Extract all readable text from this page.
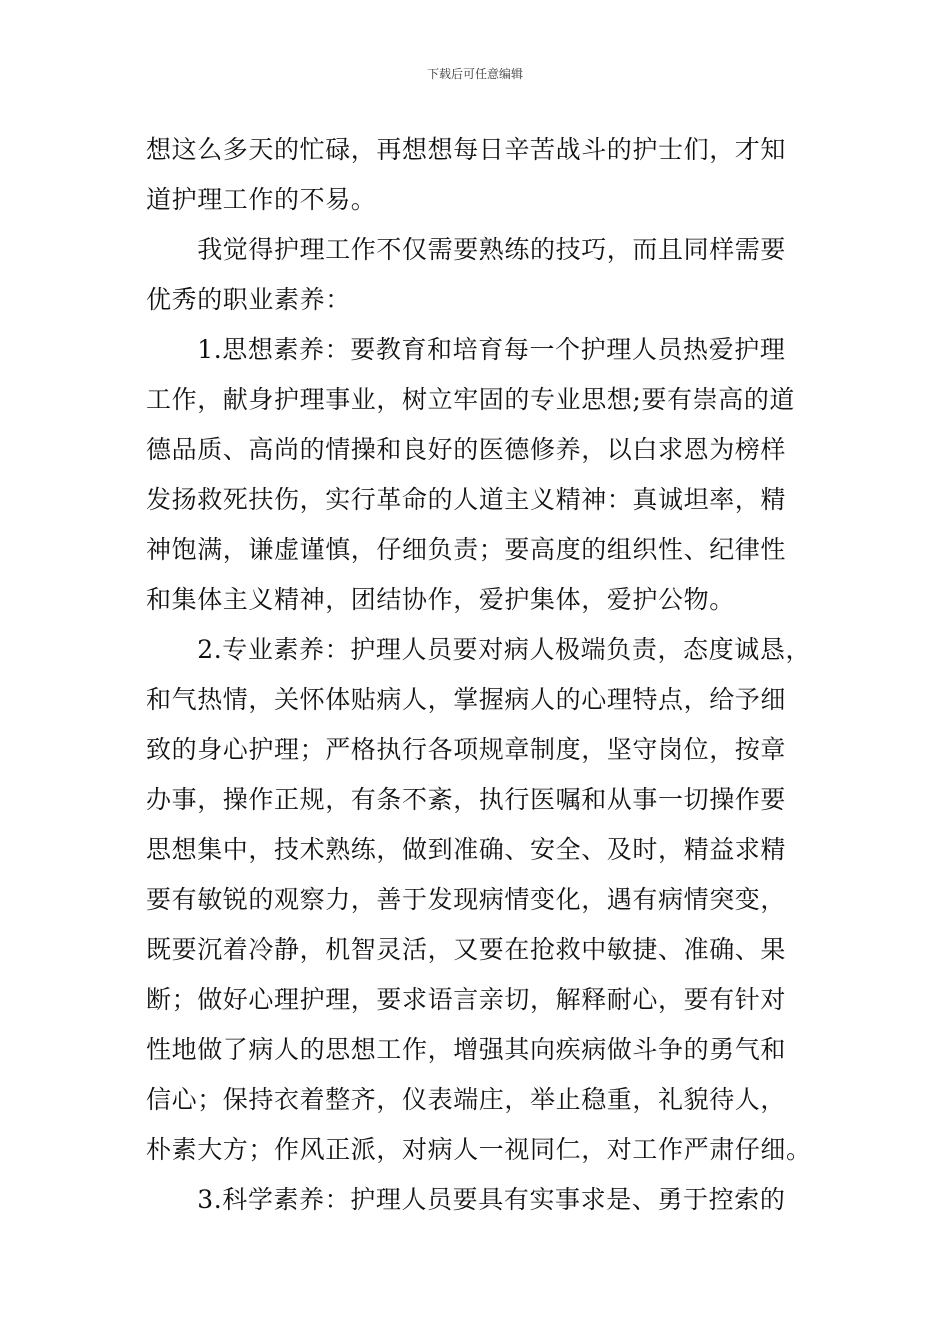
下载后可任意编辑
想这么多天的忙碌，再想想每日辛苦战斗的护士们，才知
道护理工作的不易。
　　我觉得护理工作不仅需要熟练的技巧，而且同样需要
优秀的职业素养：
　　1.思想素养：要教育和培育每一个护理人员热爱护理
工作，献身护理事业，树立牢固的专业思想;要有崇高的道
德品质、高尚的情操和良好的医德修养，以白求恩为榜样
发扬救死扶伤，实行革命的人道主义精神：真诚坦率，精
神饱满，谦虚谨慎，仔细负责；要高度的组织性、纪律性
和集体主义精神，团结协作，爱护集体，爱护公物。
　　2.专业素养：护理人员要对病人极端负责，态度诚恳，
和气热情，关怀体贴病人，掌握病人的心理特点，给予细
致的身心护理；严格执行各项规章制度，坚守岗位，按章
办事，操作正规，有条不紊，执行医嘱和从事一切操作要
思想集中，技术熟练，做到准确、安全、及时，精益求精
要有敏锐的观察力，善于发现病情变化，遇有病情突变，
既要沉着冷静，机智灵活，又要在抢救中敏捷、准确、果
断；做好心理护理，要求语言亲切，解释耐心，要有针对
性地做了病人的思想工作，增强其向疾病做斗争的勇气和
信心；保持衣着整齐，仪表端庄，举止稳重，礼貌待人，
朴素大方；作风正派，对病人一视同仁，对工作严肃仔细。
　　3.科学素养：护理人员要具有实事求是、勇于控索的
